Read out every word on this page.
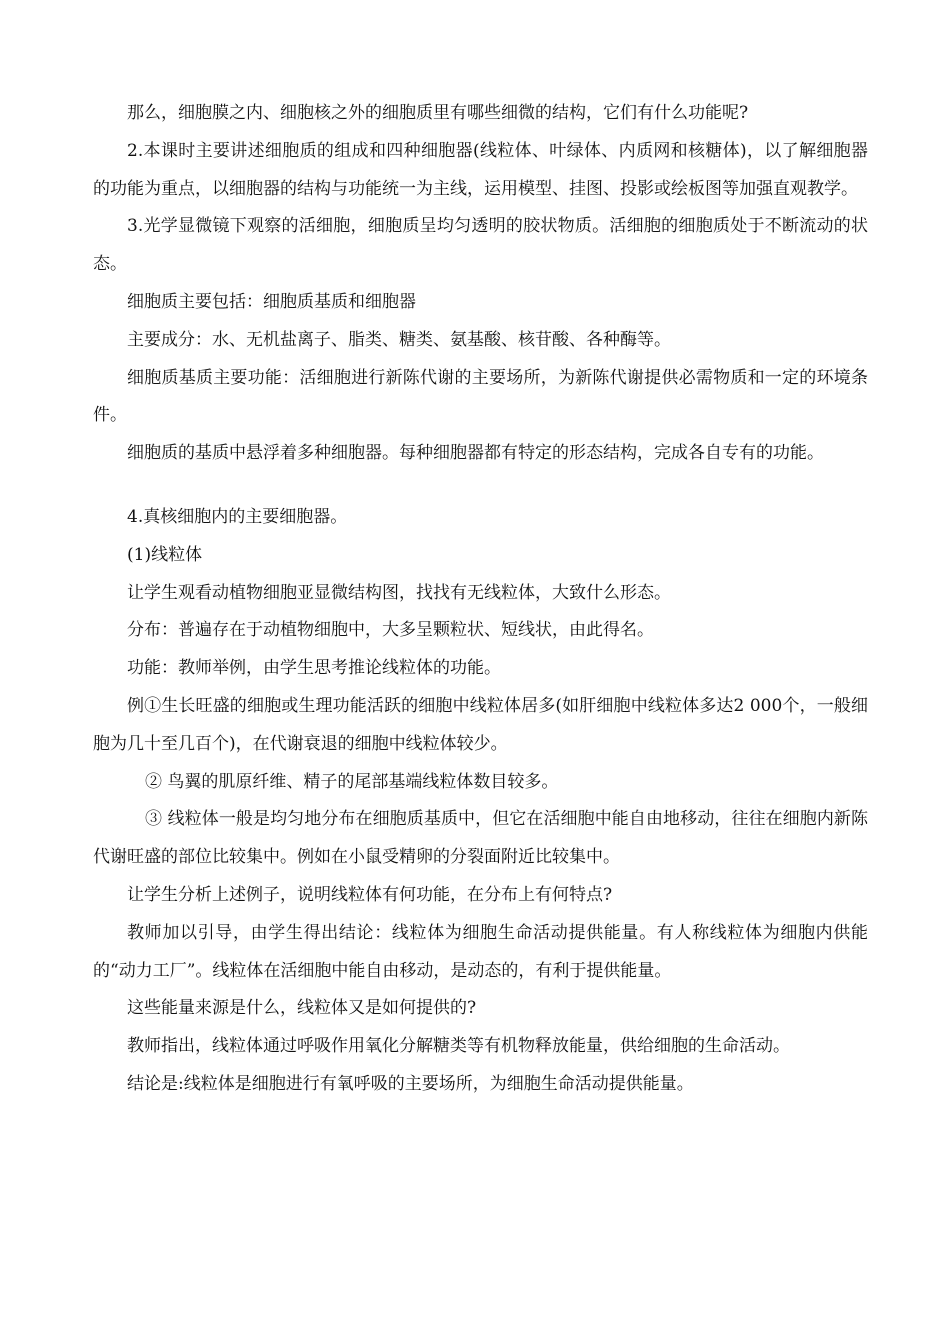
那么，细胞膜之内、细胞核之外的细胞质里有哪些细微的结构，它们有什么功能呢?

2.本课时主要讲述细胞质的组成和四种细胞器(线粒体、叶绿体、内质网和核糖体)，以了解细胞器的功能为重点，以细胞器的结构与功能统一为主线，运用模型、挂图、投影或绘板图等加强直观教学。

3.光学显微镜下观察的活细胞，细胞质呈均匀透明的胶状物质。活细胞的细胞质处于不断流动的状态。

细胞质主要包括：细胞质基质和细胞器

主要成分：水、无机盐离子、脂类、糖类、氨基酸、核苷酸、各种酶等。

细胞质基质主要功能：活细胞进行新陈代谢的主要场所，为新陈代谢提供必需物质和一定的环境条件。

细胞质的基质中悬浮着多种细胞器。每种细胞器都有特定的形态结构，完成各自专有的功能。

4.真核细胞内的主要细胞器。

(1)线粒体

让学生观看动植物细胞亚显微结构图，找找有无线粒体，大致什么形态。

分布：普遍存在于动植物细胞中，大多呈颗粒状、短线状，由此得名。

功能：教师举例，由学生思考推论线粒体的功能。

例①生长旺盛的细胞或生理功能活跃的细胞中线粒体居多(如肝细胞中线粒体多达2 000个，一般细胞为几十至几百个)，在代谢衰退的细胞中线粒体较少。

② 鸟翼的肌原纤维、精子的尾部基端线粒体数目较多。

③ 线粒体一般是均匀地分布在细胞质基质中，但它在活细胞中能自由地移动，往往在细胞内新陈代谢旺盛的部位比较集中。例如在小鼠受精卵的分裂面附近比较集中。

让学生分析上述例子，说明线粒体有何功能，在分布上有何特点?

教师加以引导，由学生得出结论：线粒体为细胞生命活动提供能量。有人称线粒体为细胞内供能的“动力工厂”。线粒体在活细胞中能自由移动，是动态的，有利于提供能量。

这些能量来源是什么，线粒体又是如何提供的?

教师指出，线粒体通过呼吸作用氧化分解糖类等有机物释放能量，供给细胞的生命活动。

结论是:线粒体是细胞进行有氧呼吸的主要场所，为细胞生命活动提供能量。
